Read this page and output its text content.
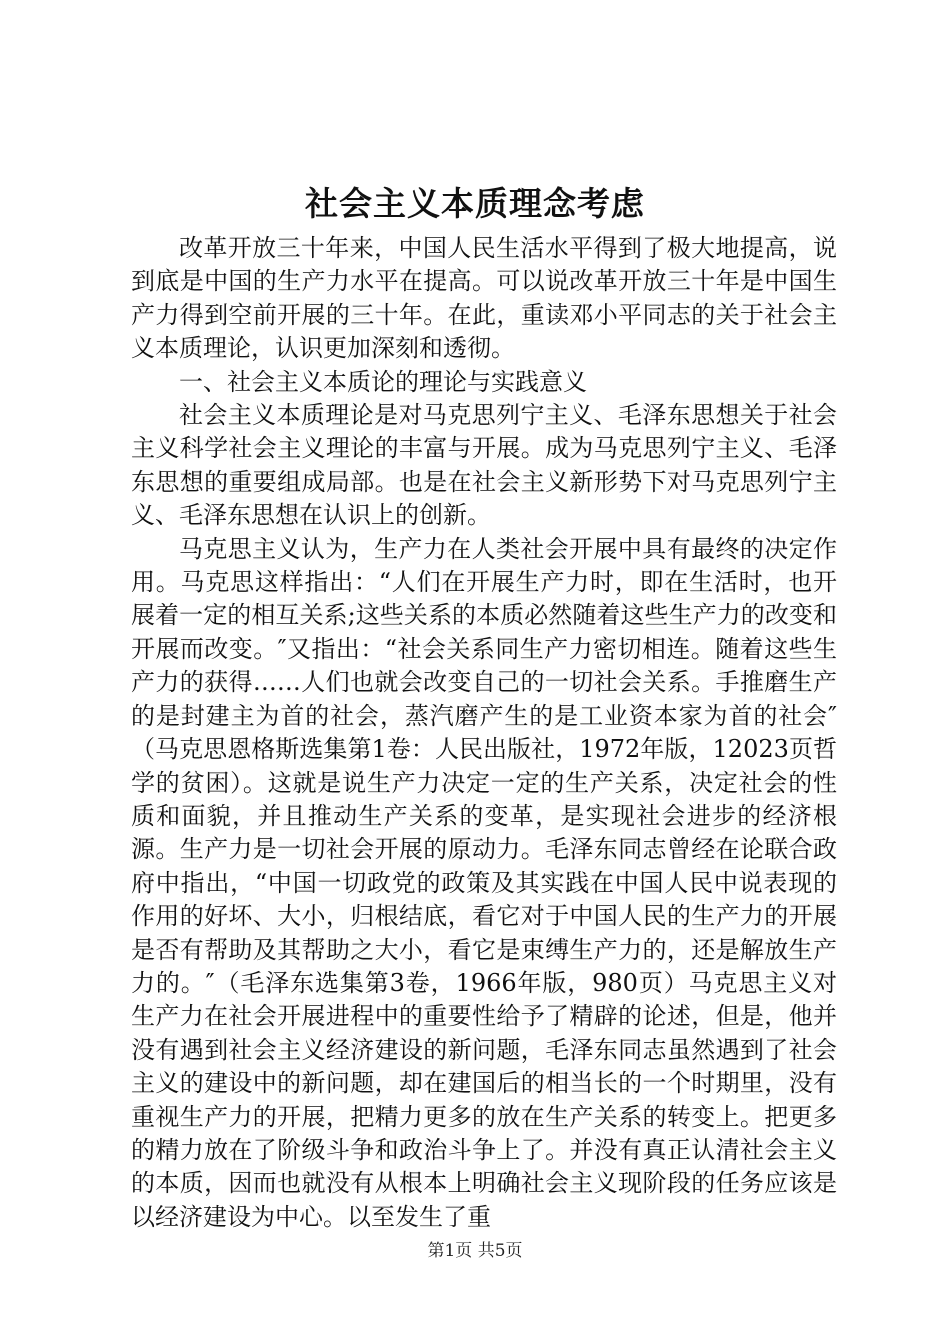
社会主义本质理念考虑

改革开放三十年来，中国人民生活水平得到了极大地提高，说到底是中国的生产力水平在提高。可以说改革开放三十年是中国生产力得到空前开展的三十年。在此，重读邓小平同志的关于社会主义本质理论，认识更加深刻和透彻。

一、社会主义本质论的理论与实践意义

社会主义本质理论是对马克思列宁主义、毛泽东思想关于社会主义科学社会主义理论的丰富与开展。成为马克思列宁主义、毛泽东思想的重要组成局部。也是在社会主义新形势下对马克思列宁主义、毛泽东思想在认识上的创新。

马克思主义认为，生产力在人类社会开展中具有最终的决定作用。马克思这样指出：“人们在开展生产力时，即在生活时，也开展着一定的相互关系;这些关系的本质必然随着这些生产力的改变和开展而改变。″又指出：“社会关系同生产力密切相连。随着这些生产力的获得……人们也就会改变自己的一切社会关系。手推磨生产的是封建主为首的社会，蒸汽磨产生的是工业资本家为首的社会″（马克思恩格斯选集第1卷：人民出版社，1972年版，12023页哲学的贫困）。这就是说生产力决定一定的生产关系，决定社会的性质和面貌，并且推动生产关系的变革，是实现社会进步的经济根源。生产力是一切社会开展的原动力。毛泽东同志曾经在论联合政府中指出，“中国一切政党的政策及其实践在中国人民中说表现的作用的好坏、大小，归根结底，看它对于中国人民的生产力的开展是否有帮助及其帮助之大小，看它是束缚生产力的，还是解放生产力的。″（毛泽东选集第3卷，1966年版，980页）马克思主义对生产力在社会开展进程中的重要性给予了精辟的论述，但是，他并没有遇到社会主义经济建设的新问题，毛泽东同志虽然遇到了社会主义的建设中的新问题，却在建国后的相当长的一个时期里，没有重视生产力的开展，把精力更多的放在生产关系的转变上。把更多的精力放在了阶级斗争和政治斗争上了。并没有真正认清社会主义的本质，因而也就没有从根本上明确社会主义现阶段的任务应该是以经济建设为中心。以至发生了重

第1页 共5页
